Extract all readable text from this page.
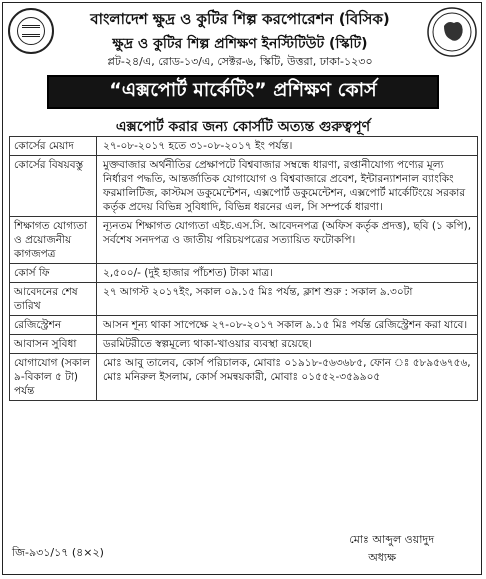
বাংলাদেশ ক্ষুদ্র ও কুটির শিল্প করপোরেশন (বিসিক)
ক্ষুদ্র ও কুটির শিল্প প্রশিক্ষণ ইনস্টিটিউট (স্কিটি)
প্লট-২৪/এ, রোড-১৩/এ, সেক্টর-৬, স্কিটি, উত্তরা, ঢাকা-১২৩০
“এক্সপোর্ট মার্কেটিং” প্রশিক্ষণ কোর্স
এক্সপোর্ট করার জন্য কোর্সটি অত্যন্ত গুরুত্বপূর্ণ
কোর্সের মেয়াদ	২৭-০৮-২০১৭ হতে ৩১-০৮-২০১৭ ইং পর্যন্ত।
কোর্সের বিষয়বস্তু	মুক্তবাজার অর্থনীতির প্রেক্ষাপটে বিশ্ববাজার সম্বন্ধে ধারণা, রপ্তানীযোগ্য পণ্যের মূল্য নির্ধারণ পদ্ধতি, আন্তর্জাতিক যোগাযোগ ও বিশ্ববাজারে প্রবেশ, ইন্টারন্যাশনাল ব্যাংকিং ফরমালিটিজ, কাস্টমস ডকুমেন্টেশন, এক্সপোর্ট ডকুমেন্টেশন, এক্সপোর্ট মার্কেটিংয়ে সরকার কর্তৃক প্রদেয় বিভিন্ন সুবিধাদি, বিভিন্ন ধরনের এল, সি সম্পর্কে ধারণা।
শিক্ষাগত যোগ্যতা ও প্রয়োজনীয় কাগজপত্র	ন্যূনতম শিক্ষাগত যোগ্যতা এইচ.এস.সি. আবেদনপত্র (অফিস কর্তৃক প্রদত্ত), ছবি (১ কপি), সর্বশেষ সনদপত্র ও জাতীয় পরিচয়পত্রের সত্যায়িত ফটোকপি।
কোর্স ফি	২,৫০০/- (দুই হাজার পাঁচশত) টাকা মাত্র।
আবেদনের শেষ তারিখ	২৭ আগস্ট ২০১৭ইং, সকাল ০৯.১৫ মিঃ পর্যন্ত, ক্লাশ শুরু : সকাল ৯.৩০টা
রেজিস্ট্রেশন	আসন শূন্য থাকা সাপেক্ষে ২৭-০৮-২০১৭ সকাল ৯.১৫ মিঃ পর্যন্ত রেজিস্ট্রেশন করা যাবে।
আবাসন সুবিধা	ডরমিটরীতে স্বল্পমূল্যে থাকা-খাওয়ার ব্যবস্থা রয়েছে।
যোগাযোগ (সকাল ৯-বিকাল ৫ টা) পর্যন্ত	মোঃ আবু তালেব, কোর্স পরিচালক, মোবাঃ ০১৯১৮-৫৬৩৬৮৫, ফোন ঃ ৫৮৯৫৬৭৫৬, মোঃ মনিরুল ইসলাম, কোর্স সমন্বয়কারী, মোবাঃ ০১৫৫২-৩৫৯৯০৫
জি-৯৩১/১৭ (৪×২)
মোঃ আব্দুল ওয়াদুদ
অধ্যক্ষ
